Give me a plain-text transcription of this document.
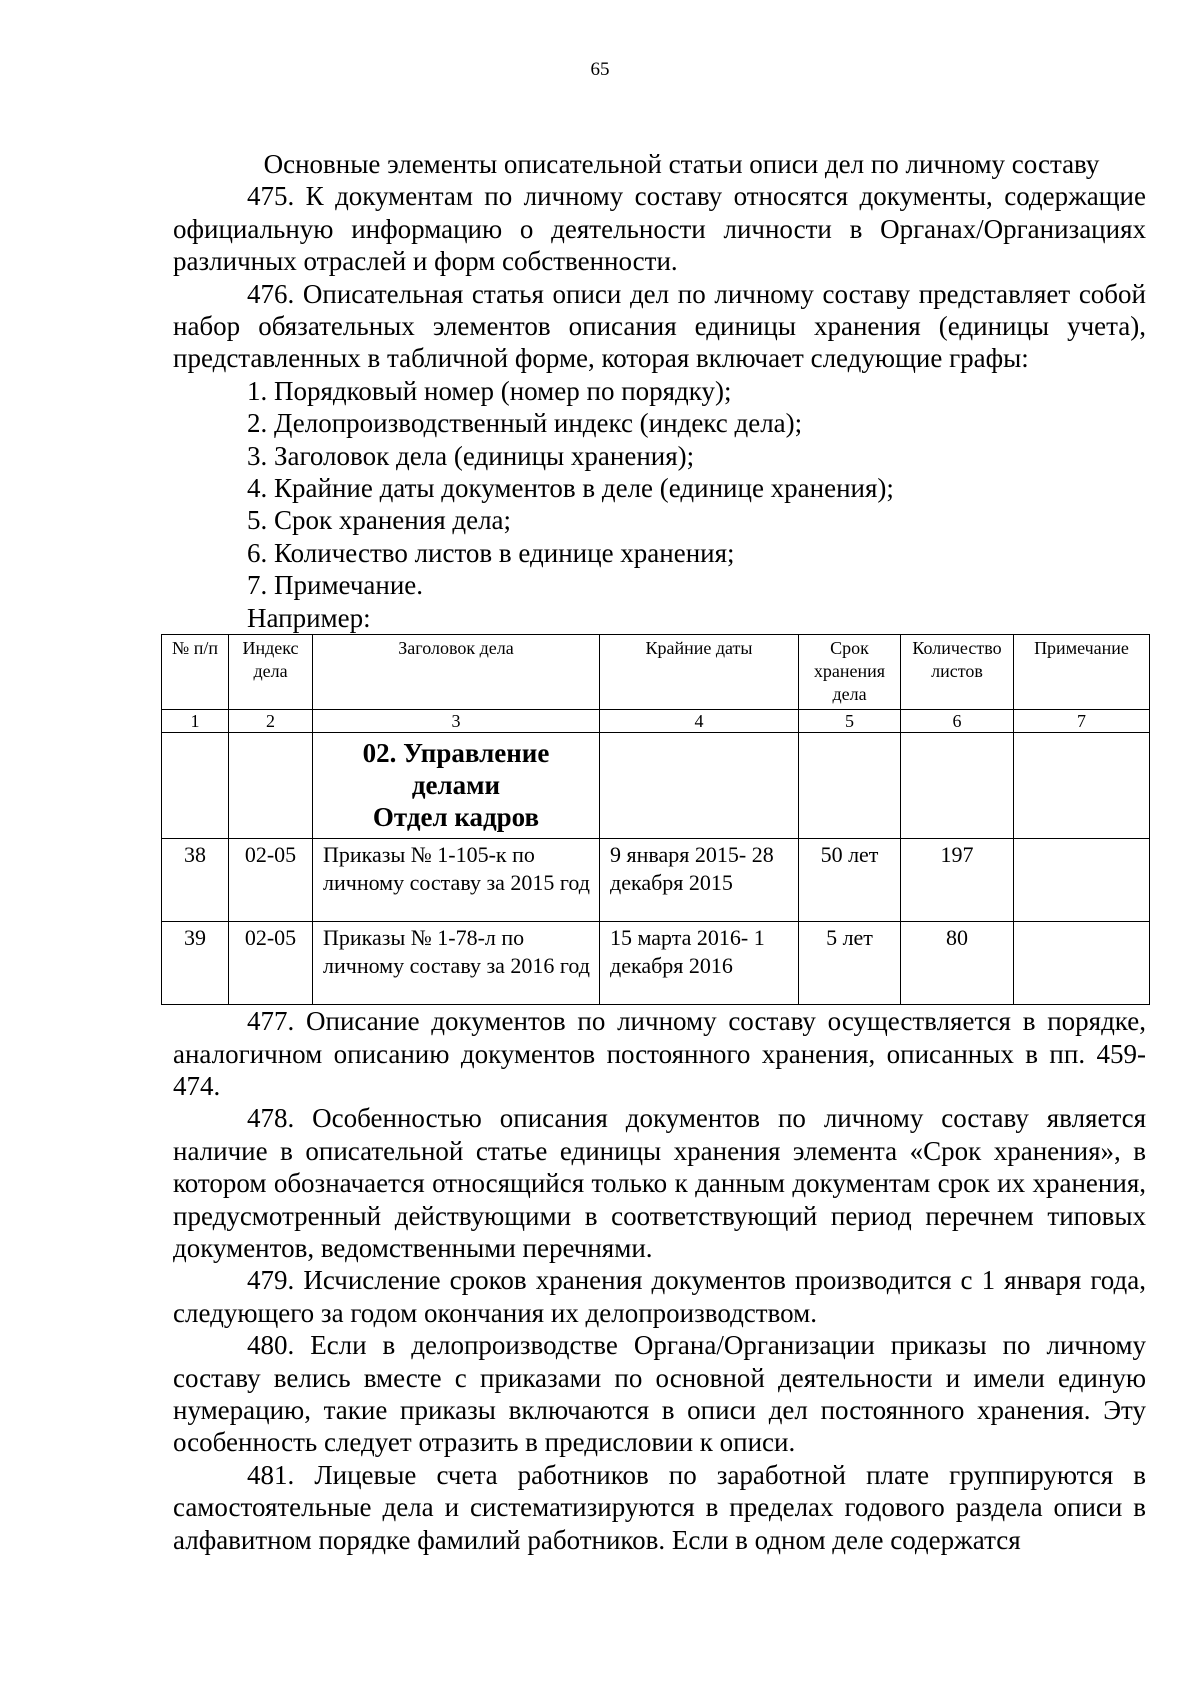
65

Основные элементы описательной статьи описи дел по личному составу

475. К документам по личному составу относятся документы, содержащие официальную информацию о деятельности личности в Органах/Организациях различных отраслей и форм собственности.

476. Описательная статья описи дел по личному составу представляет собой набор обязательных элементов описания единицы хранения (единицы учета), представленных в табличной форме, которая включает следующие графы:

1. Порядковый номер (номер по порядку);

2. Делопроизводственный индекс (индекс дела);

3. Заголовок дела (единицы хранения);

4. Крайние даты документов в деле (единице хранения);

5. Срок хранения дела;

6. Количество листов в единице хранения;

7. Примечание.

Например:

№ п/п	Индекс дела	Заголовок дела	Крайние даты	Срок хранения дела	Количество листов	Примечание
1	2	3	4	5	6	7

		02. Управление
делами
Отдел кадров				

38	02-05	Приказы № 1-105-к по личному составу за 2015 год	9 января 2015- 28 декабря 2015	50 лет	197	
39	02-05	Приказы № 1-78-л по личному составу за 2016 год	15 марта 2016- 1 декабря 2016	5 лет	80	

477. Описание документов по личному составу осуществляется в порядке, аналогичном описанию документов постоянного хранения, описанных в пп. 459-474.

478. Особенностью описания документов по личному составу является наличие в описательной статье единицы хранения элемента «Срок хранения», в котором обозначается относящийся только к данным документам срок их хранения, предусмотренный действующими в соответствующий период перечнем типовых документов, ведомственными перечнями.

479. Исчисление сроков хранения документов производится с 1 января года, следующего за годом окончания их делопроизводством.

480. Если в делопроизводстве Органа/Организации приказы по личному составу велись вместе с приказами по основной деятельности и имели единую нумерацию, такие приказы включаются в описи дел постоянного хранения. Эту особенность следует отразить в предисловии к описи.

481. Лицевые счета работников по заработной плате группируются в самостоятельные дела и систематизируются в пределах годового раздела описи в алфавитном порядке фамилий работников. Если в одном деле содержатся
